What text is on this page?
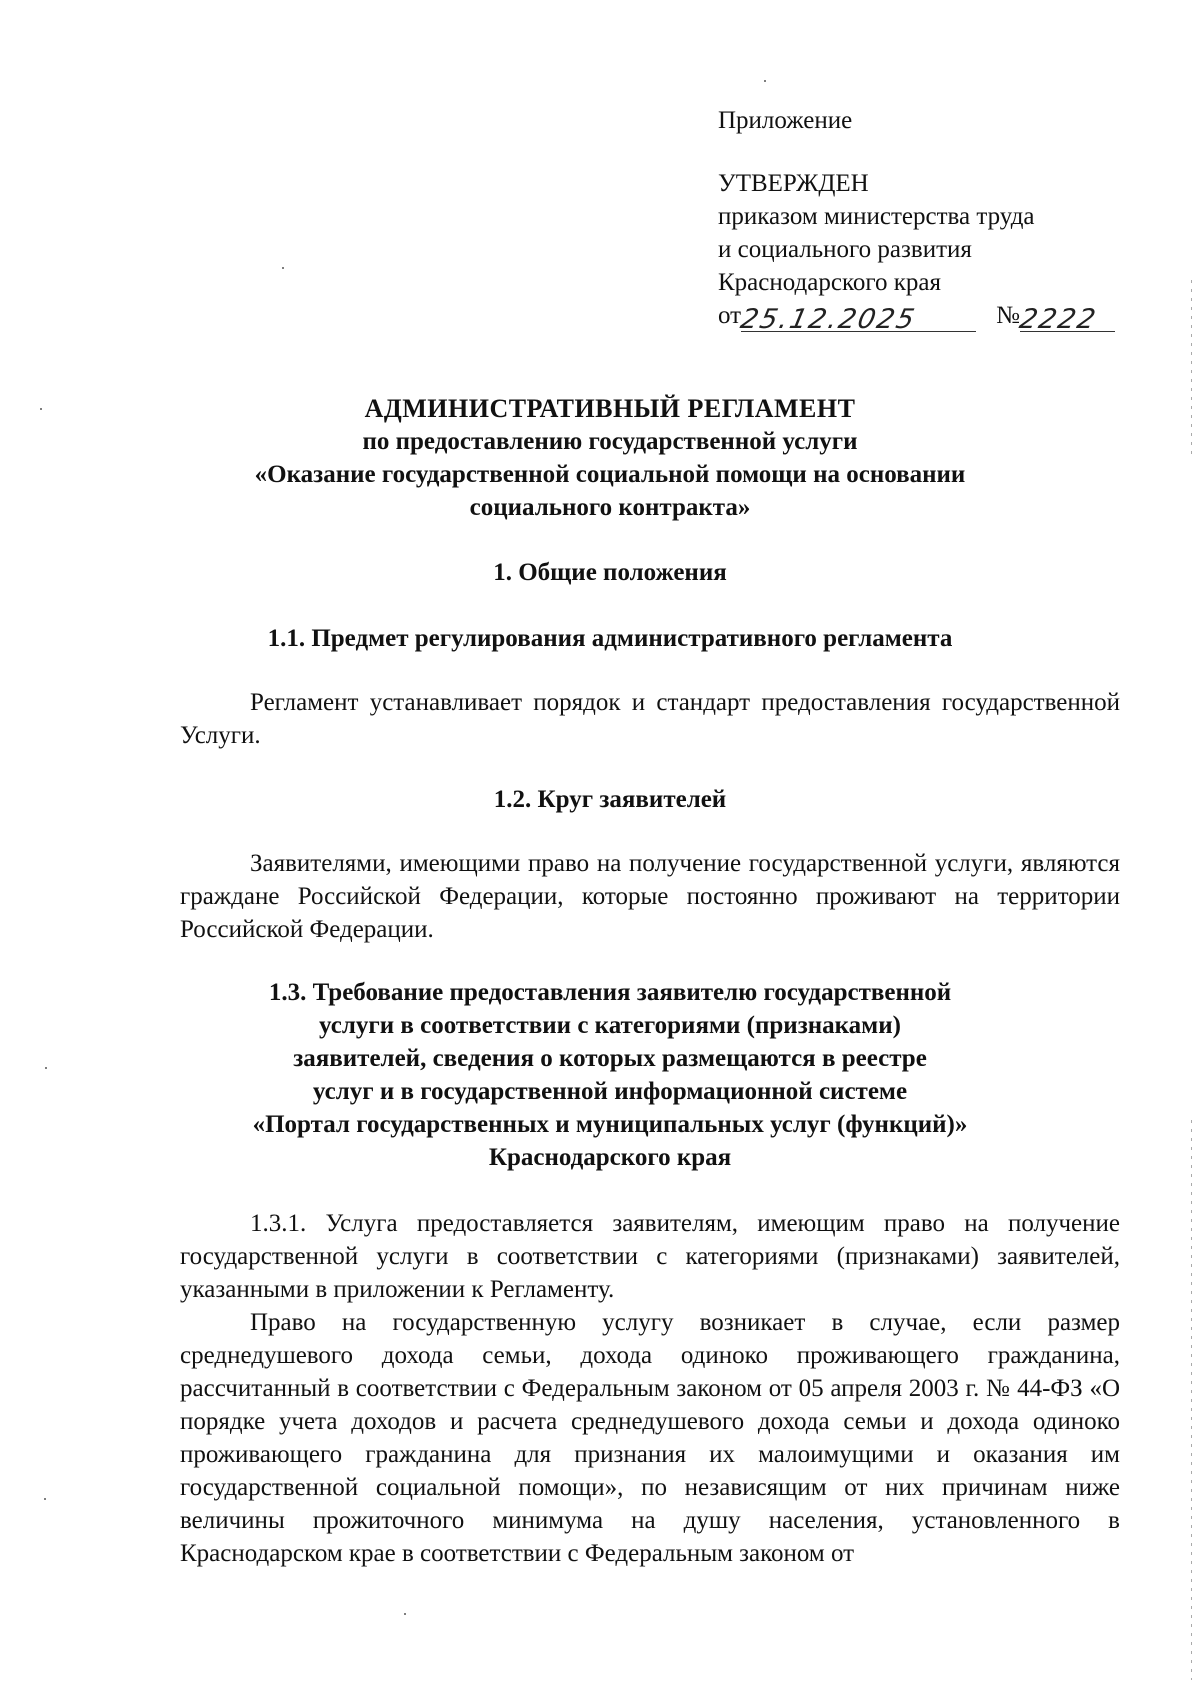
Приложение
УТВЕРЖДЕН
приказом министерства труда
и социального развития
Краснодарского края
от25.12.2025	№2222
АДМИНИСТРАТИВНЫЙ РЕГЛАМЕНТ
по предоставлению государственной услуги
«Оказание государственной социальной помощи на основании
социального контракта»
1. Общие положения
1.1. Предмет регулирования административного регламента
Регламент устанавливает порядок и стандарт предоставления государственной Услуги.
1.2. Круг заявителей
Заявителями, имеющими право на получение государственной услуги, являются граждане Российской Федерации, которые постоянно проживают на территории Российской Федерации.
1.3. Требование предоставления заявителю государственной
услуги в соответствии с категориями (признаками)
заявителей, сведения о которых размещаются в реестре
услуг и в государственной информационной системе
«Портал государственных и муниципальных услуг (функций)»
Краснодарского края
1.3.1. Услуга предоставляется заявителям, имеющим право на получение государственной услуги в соответствии с категориями (признаками) заявителей, указанными в приложении к Регламенту.
Право на государственную услугу возникает в случае, если размер среднедушевого дохода семьи, дохода одиноко проживающего гражданина, рассчитанный в соответствии с Федеральным законом от 05 апреля 2003 г. № 44-ФЗ «О порядке учета доходов и расчета среднедушевого дохода семьи и дохода одиноко проживающего гражданина для признания их малоимущими и оказания им государственной социальной помощи», по независящим от них причинам ниже величины прожиточного минимума на душу населения, установленного в Краснодарском крае в соответствии с Федеральным законом от
